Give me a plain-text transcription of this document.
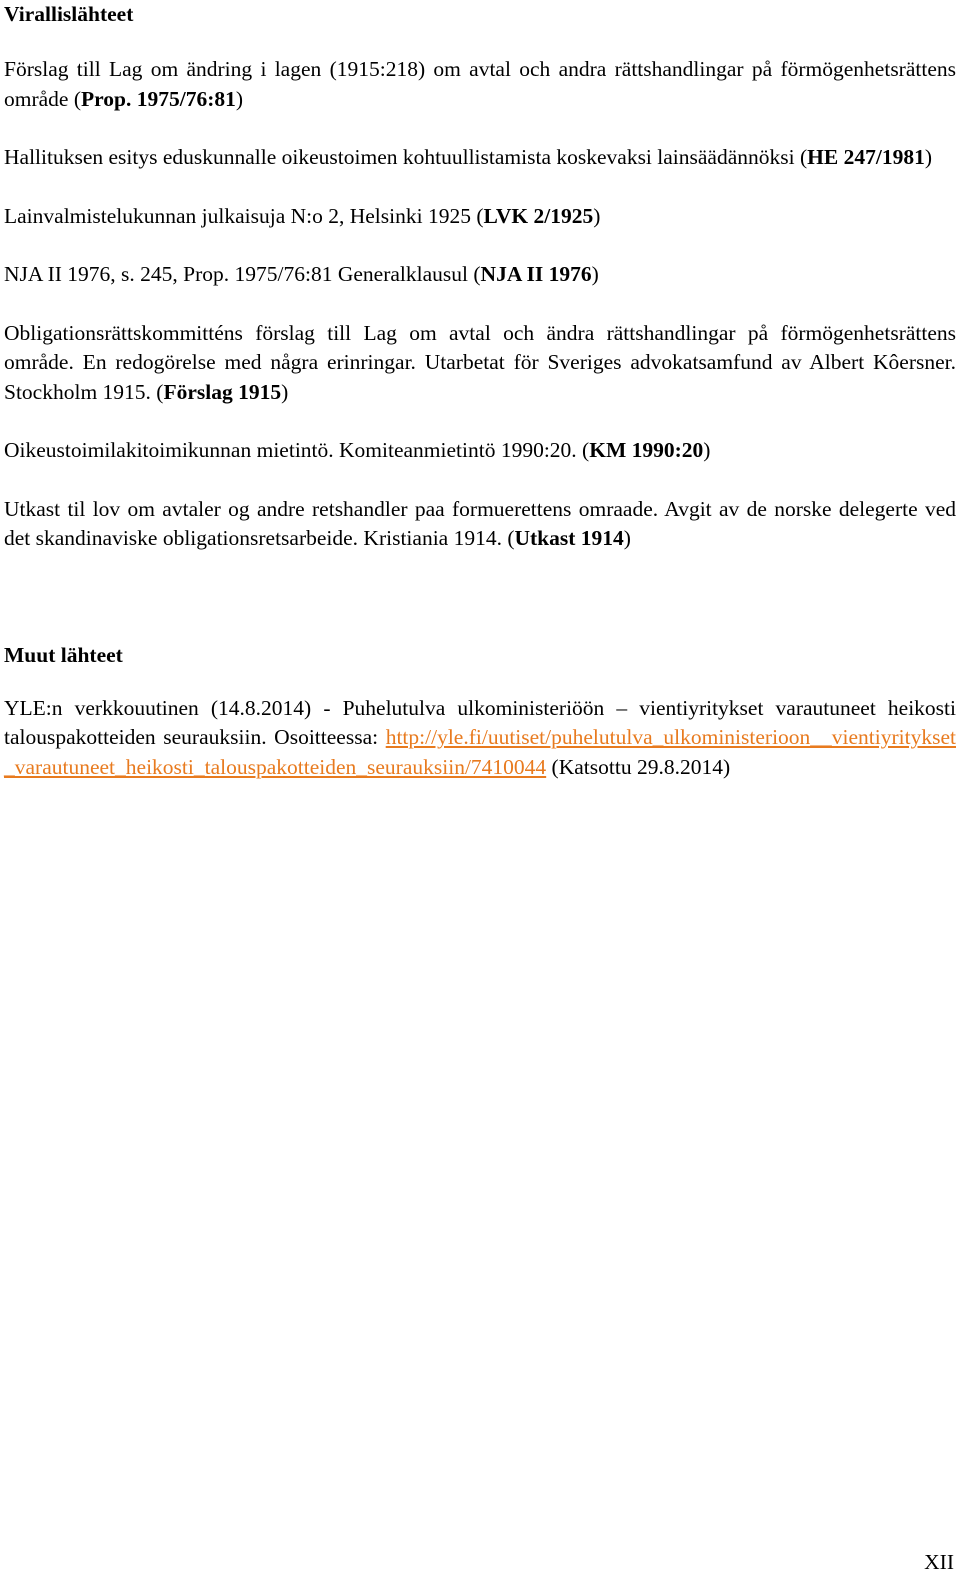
Virallislähteet

Förslag till Lag om ändring i lagen (1915:218) om avtal och andra rättshandlingar på förmögenhetsrättens område (Prop. 1975/76:81)

Hallituksen esitys eduskunnalle oikeustoimen kohtuullistamista koskevaksi lainsäädännöksi (HE 247/1981)

Lainvalmistelukunnan julkaisuja N:o 2, Helsinki 1925 (LVK 2/1925)

NJA II 1976, s. 245, Prop. 1975/76:81 Generalklausul (NJA II 1976)

Obligationsrättskommitténs förslag till Lag om avtal och ändra rättshandlingar på förmögenhetsrättens område. En redogörelse med några erinringar. Utarbetat för Sveriges advokatsamfund av Albert Kôersner. Stockholm 1915. (Förslag 1915)

Oikeustoimilakitoimikunnan mietintö. Komiteanmietintö 1990:20. (KM 1990:20)

Utkast til lov om avtaler og andre retshandler paa formuerettens omraade. Avgit av de norske delegerte ved det skandinaviske obligationsretsarbeide. Kristiania 1914. (Utkast 1914)

Muut lähteet

YLE:n verkkouutinen (14.8.2014) - Puhelutulva ulkoministeriöön – vientiyritykset varautuneet heikosti talouspakotteiden seurauksiin. Osoitteessa: http://yle.fi/uutiset/puhelutulva_ulkoministerioon__vientiyritykset_varautuneet_heikosti_talouspakotteiden_seurauksiin/7410044 (Katsottu 29.8.2014)

XII
